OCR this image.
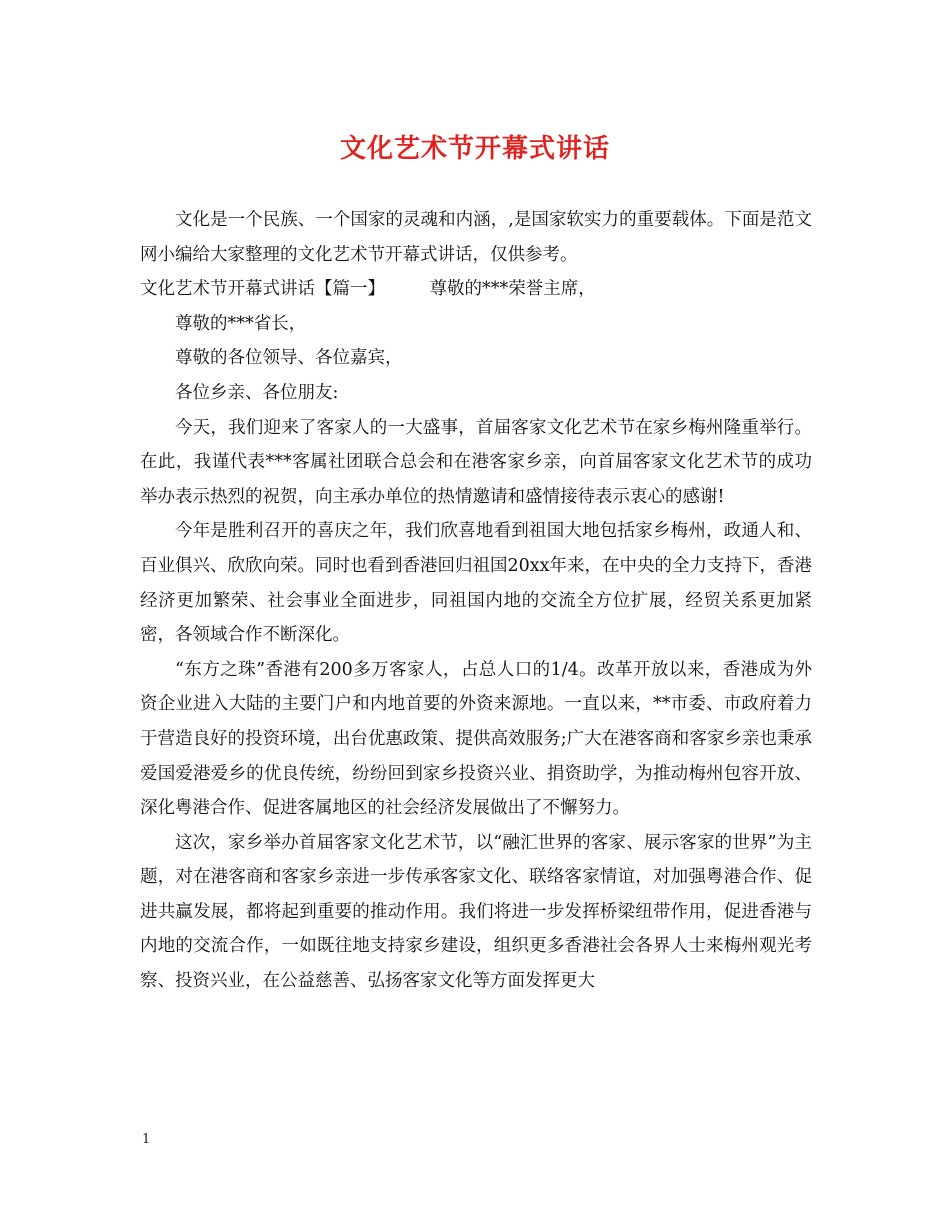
文化艺术节开幕式讲话

文化是一个民族、一个国家的灵魂和内涵，,是国家软实力的重要载体。下面是范文网小编给大家整理的文化艺术节开幕式讲话，仅供参考。

文化艺术节开幕式讲话【篇一】	尊敬的***荣誉主席，

尊敬的***省长，

尊敬的各位领导、各位嘉宾，

各位乡亲、各位朋友:

今天，我们迎来了客家人的一大盛事，首届客家文化艺术节在家乡梅州隆重举行。在此，我谨代表***客属社团联合总会和在港客家乡亲，向首届客家文化艺术节的成功举办表示热烈的祝贺，向主承办单位的热情邀请和盛情接待表示衷心的感谢!

今年是胜利召开的喜庆之年，我们欣喜地看到祖国大地包括家乡梅州，政通人和、百业俱兴、欣欣向荣。同时也看到香港回归祖国20xx年来，在中央的全力支持下，香港经济更加繁荣、社会事业全面进步，同祖国内地的交流全方位扩展，经贸关系更加紧密，各领域合作不断深化。

“东方之珠”香港有200多万客家人，占总人口的1/4。改革开放以来，香港成为外资企业进入大陆的主要门户和内地首要的外资来源地。一直以来，**市委、市政府着力于营造良好的投资环境，出台优惠政策、提供高效服务;广大在港客商和客家乡亲也秉承爱国爱港爱乡的优良传统，纷纷回到家乡投资兴业、捐资助学，为推动梅州包容开放、深化粤港合作、促进客属地区的社会经济发展做出了不懈努力。

这次，家乡举办首届客家文化艺术节，以“融汇世界的客家、展示客家的世界”为主题，对在港客商和客家乡亲进一步传承客家文化、联络客家情谊，对加强粤港合作、促进共赢发展，都将起到重要的推动作用。我们将进一步发挥桥梁纽带作用，促进香港与内地的交流合作，一如既往地支持家乡建设，组织更多香港社会各界人士来梅州观光考察、投资兴业，在公益慈善、弘扬客家文化等方面发挥更大

1
